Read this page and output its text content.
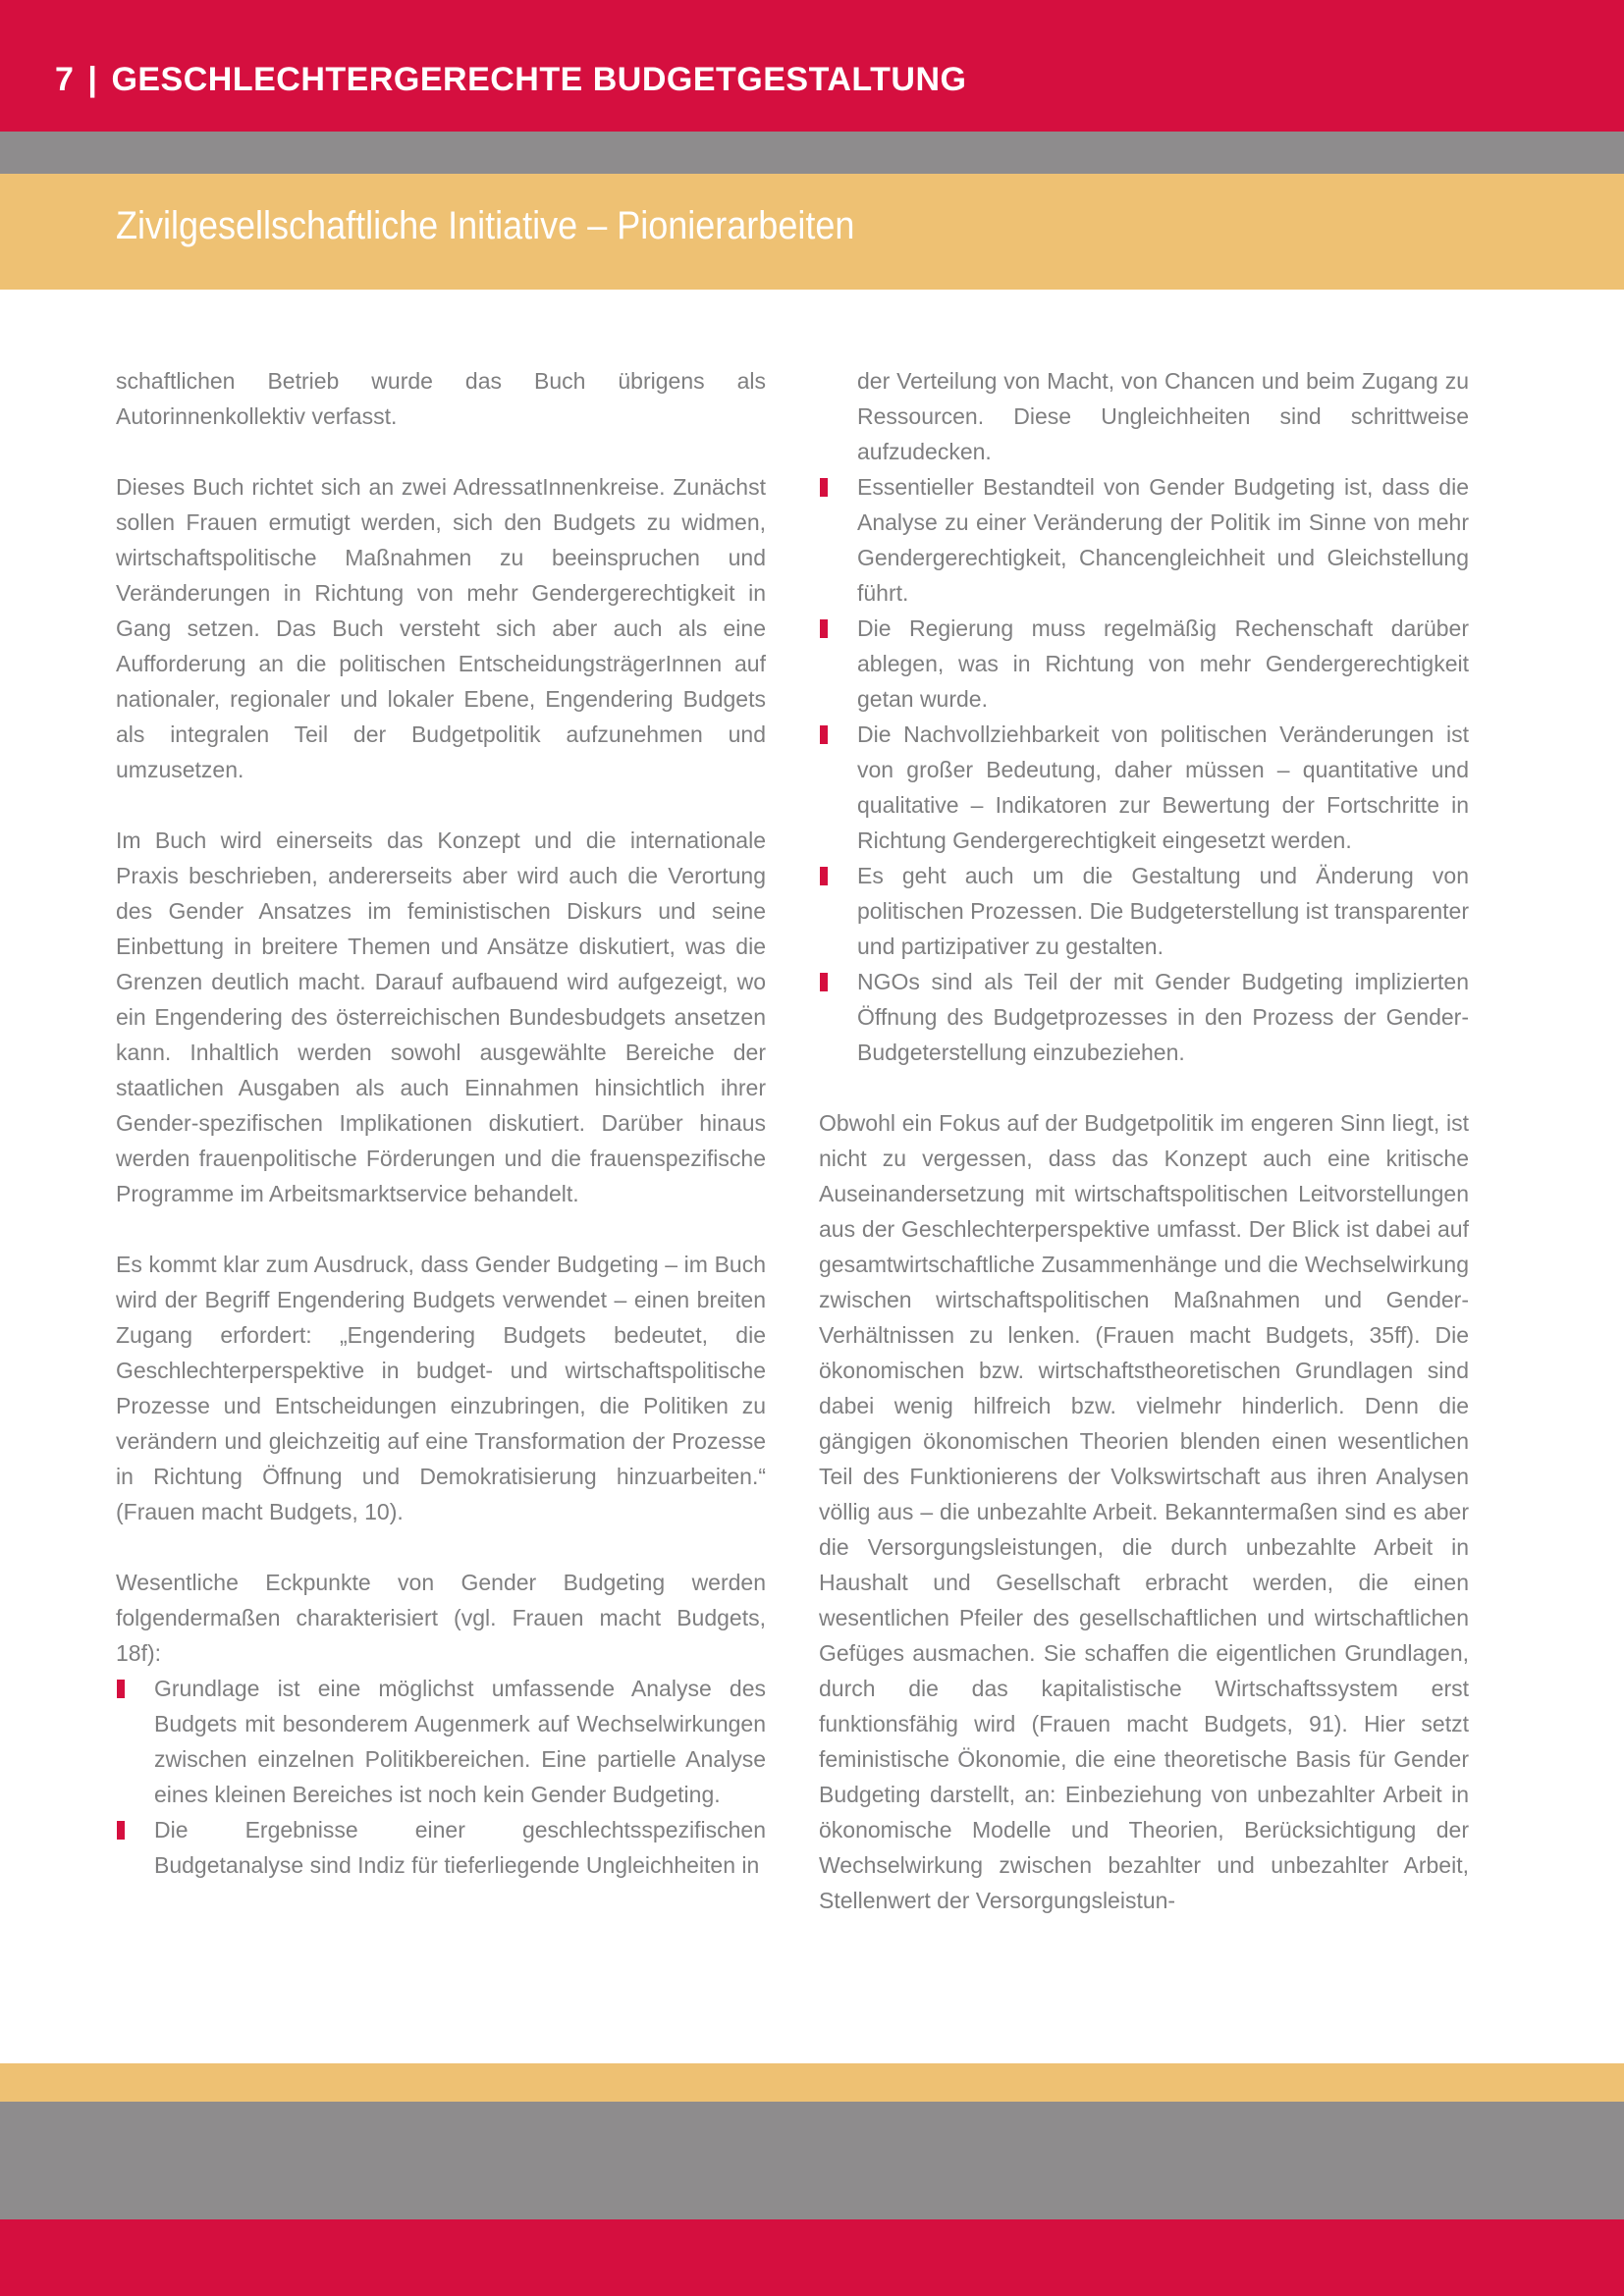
7 | GESCHLECHTERGERECHTE BUDGETGESTALTUNG
Zivilgesellschaftliche Initiative – Pionierarbeiten

schaftlichen Betrieb wurde das Buch übrigens als Autorinnenkollektiv verfasst.

Dieses Buch richtet sich an zwei AdressatInnenkreise. Zunächst sollen Frauen ermutigt werden, sich den Budgets zu widmen, wirtschaftspolitische Maßnahmen zu beeinspruchen und Veränderungen in Richtung von mehr Gendergerechtigkeit in Gang setzen. Das Buch versteht sich aber auch als eine Aufforderung an die politischen EntscheidungsträgerInnen auf nationaler, regionaler und lokaler Ebene, Engendering Budgets als integralen Teil der Budgetpolitik aufzunehmen und umzusetzen.

Im Buch wird einerseits das Konzept und die internationale Praxis beschrieben, andererseits aber wird auch die Verortung des Gender Ansatzes im feministischen Diskurs und seine Einbettung in breitere Themen und Ansätze diskutiert, was die Grenzen deutlich macht. Darauf aufbauend wird aufgezeigt, wo ein Engendering des österreichischen Bundesbudgets ansetzen kann. Inhaltlich werden sowohl ausgewählte Bereiche der staatlichen Ausgaben als auch Einnahmen hinsichtlich ihrer Gender-spezifischen Implikationen diskutiert. Darüber hinaus werden frauenpolitische Förderungen und die frauenspezifische Programme im Arbeitsmarktservice behandelt.

Es kommt klar zum Ausdruck, dass Gender Budgeting – im Buch wird der Begriff Engendering Budgets verwendet – einen breiten Zugang erfordert: „Engendering Budgets bedeutet, die Geschlechterperspektive in budget- und wirtschaftspolitische Prozesse und Entscheidungen einzubringen, die Politiken zu verändern und gleichzeitig auf eine Transformation der Prozesse in Richtung Öffnung und Demokratisierung hinzuarbeiten.“ (Frauen macht Budgets, 10).

Wesentliche Eckpunkte von Gender Budgeting werden folgendermaßen charakterisiert (vgl. Frauen macht Budgets, 18f):

Grundlage ist eine möglichst umfassende Analyse des Budgets mit besonderem Augenmerk auf Wechselwirkungen zwischen einzelnen Politikbereichen. Eine partielle Analyse eines kleinen Bereiches ist noch kein Gender Budgeting.
Die Ergebnisse einer geschlechtsspezifischen Budgetanalyse sind Indiz für tieferliegende Ungleichheiten in
der Verteilung von Macht, von Chancen und beim Zugang zu Ressourcen. Diese Ungleichheiten sind schrittweise aufzudecken.
Essentieller Bestandteil von Gender Budgeting ist, dass die Analyse zu einer Veränderung der Politik im Sinne von mehr Gendergerechtigkeit, Chancengleichheit und Gleichstellung führt.
Die Regierung muss regelmäßig Rechenschaft darüber ablegen, was in Richtung von mehr Gendergerechtigkeit getan wurde.
Die Nachvollziehbarkeit von politischen Veränderungen ist von großer Bedeutung, daher müssen – quantitative und qualitative – Indikatoren zur Bewertung der Fortschritte in Richtung Gendergerechtigkeit eingesetzt werden.
Es geht auch um die Gestaltung und Änderung von politischen Prozessen. Die Budgeterstellung ist transparenter und partizipativer zu gestalten.
NGOs sind als Teil der mit Gender Budgeting implizierten Öffnung des Budgetprozesses in den Prozess der Gender-Budgeterstellung einzubeziehen.

Obwohl ein Fokus auf der Budgetpolitik im engeren Sinn liegt, ist nicht zu vergessen, dass das Konzept auch eine kritische Auseinandersetzung mit wirtschaftspolitischen Leitvorstellungen aus der Geschlechterperspektive umfasst. Der Blick ist dabei auf gesamtwirtschaftliche Zusammenhänge und die Wechselwirkung zwischen wirtschaftspolitischen Maßnahmen und Gender-Verhältnissen zu lenken. (Frauen macht Budgets, 35ff). Die ökonomischen bzw. wirtschaftstheoretischen Grundlagen sind dabei wenig hilfreich bzw. vielmehr hinderlich. Denn die gängigen ökonomischen Theorien blenden einen wesentlichen Teil des Funktionierens der Volkswirtschaft aus ihren Analysen völlig aus – die unbezahlte Arbeit. Bekanntermaßen sind es aber die Versorgungsleistungen, die durch unbezahlte Arbeit in Haushalt und Gesellschaft erbracht werden, die einen wesentlichen Pfeiler des gesellschaftlichen und wirtschaftlichen Gefüges ausmachen. Sie schaffen die eigentlichen Grundlagen, durch die das kapitalistische Wirtschaftssystem erst funktionsfähig wird (Frauen macht Budgets, 91). Hier setzt feministische Ökonomie, die eine theoretische Basis für Gender Budgeting darstellt, an: Einbeziehung von unbezahlter Arbeit in ökonomische Modelle und Theorien, Berücksichtigung der Wechselwirkung zwischen bezahlter und unbezahlter Arbeit, Stellenwert der Versorgungsleistun-
